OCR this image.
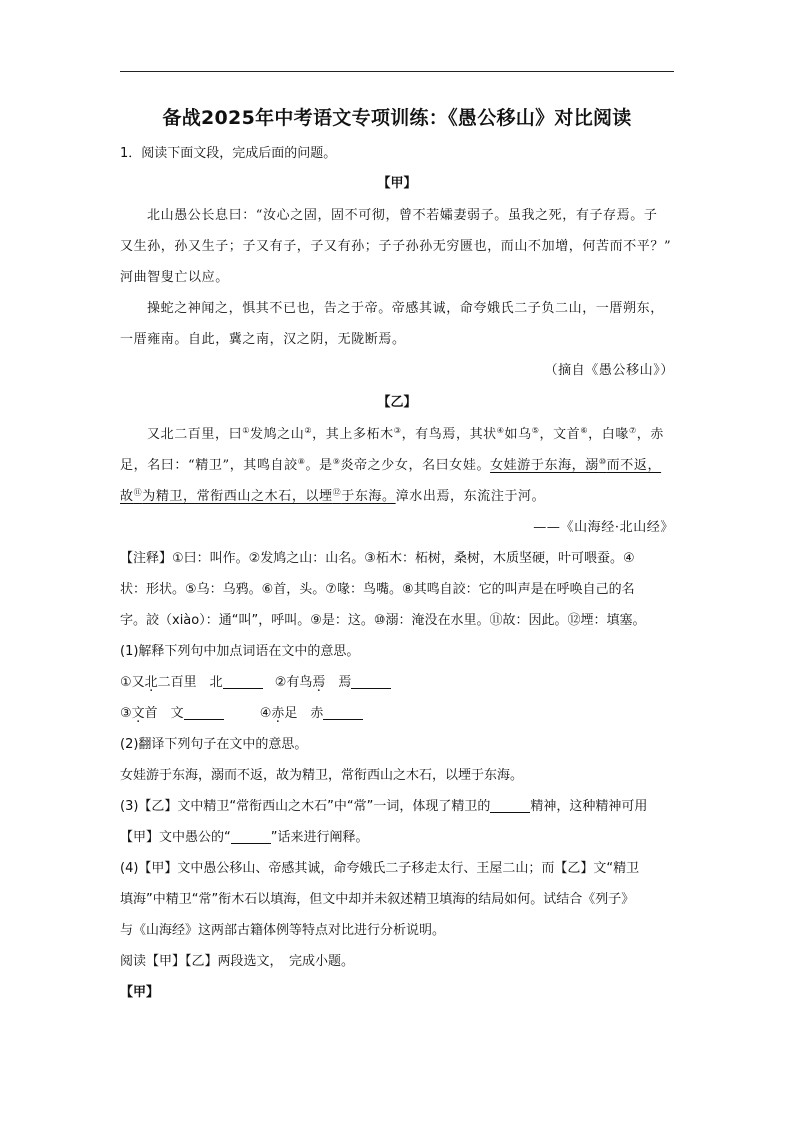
备战2025年中考语文专项训练：《愚公移山》对比阅读
1．阅读下面文段，完成后面的问题。
【甲】
北山愚公长息曰：“汝心之固，固不可彻，曾不若孀妻弱子。虽我之死，有子存焉。子
又生孙，孙又生子；子又有子，子又有孙；子子孙孙无穷匮也，而山不加增，何苦而不平？”
河曲智叟亡以应。
操蛇之神闻之，惧其不已也，告之于帝。帝感其诚，命夸娥氏二子负二山，一厝朔东，
一厝雍南。自此，冀之南，汉之阴，无陇断焉。
（摘自《愚公移山》）
【乙】
又北二百里，曰①发鸠之山②，其上多柘木③，有鸟焉，其状④如乌⑤，文首⑥，白喙⑦，赤
足，名曰：“精卫”，其鸣自詨⑧。是⑨炎帝之少女，名曰女娃。女娃游于东海，溺⑩而不返，
故⑪为精卫，常衔西山之木石，以堙⑫于东海。漳水出焉，东流注于河。
——《山海经·北山经》
【注释】①曰：叫作。②发鸠之山：山名。③柘木：柘树，桑树，木质坚硬，叶可喂蚕。④
状：形状。⑤乌：乌鸦。⑥首，头。⑦喙：鸟嘴。⑧其鸣自詨：它的叫声是在呼唤自己的名
字。詨（xiào）：通“叫”，呼叫。⑨是：这。⑩溺：淹没在水里。⑪故：因此。⑫堙：填塞。
(1)解释下列句中加点词语在文中的意思。
①又北二百里　北	②有鸟焉　焉
③文首　文	④赤足　赤
(2)翻译下列句子在文中的意思。
女娃游于东海，溺而不返，故为精卫，常衔西山之木石，以堙于东海。
(3)【乙】文中精卫“常衔西山之木石”中“常”一词，体现了精卫的	精神，这种精神可用
【甲】文中愚公的“	”话来进行阐释。
(4)【甲】文中愚公移山、帝感其诚，命夸娥氏二子移走太行、王屋二山；而【乙】文“精卫
填海”中精卫“常”衔木石以填海，但文中却并未叙述精卫填海的结局如何。试结合《列子》
与《山海经》这两部古籍体例等特点对比进行分析说明。
阅读【甲】【乙】两段选文，　完成小题。
【甲】
